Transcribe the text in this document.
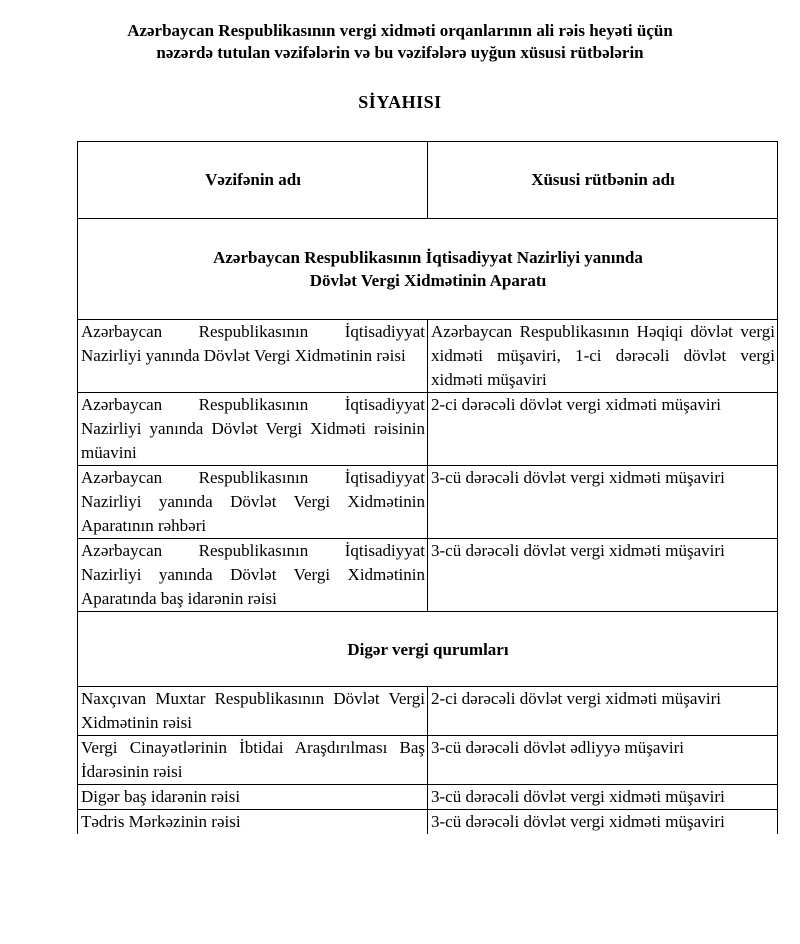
Azərbaycan Respublikasının vergi xidməti orqanlarının ali rəis heyəti üçün
nəzərdə tutulan vəzifələrin və bu vəzifələrə uyğun xüsusi rütbələrin
SİYAHISI
Vəzifənin adı	Xüsusi rütbənin adı

Azərbaycan Respublikasının İqtisadiyyat Nazirliyi yanında
Dövlət Vergi Xidmətinin Aparatı	

Azərbaycan Respublikasının İqtisadiyyat Nazirliyi yanında Dövlət Vergi Xidmətinin rəisi	Azərbaycan Respublikasının Həqiqi dövlət vergi xidməti müşaviri, 1-ci dərəcəli dövlət vergi xidməti müşaviri
Azərbaycan Respublikasının İqtisadiyyat Nazirliyi yanında Dövlət Vergi Xidməti rəisinin müavini	2-ci dərəcəli dövlət vergi xidməti müşaviri
Azərbaycan Respublikasının İqtisadiyyat Nazirliyi yanında Dövlət Vergi Xidmətinin Aparatının rəhbəri	3-cü dərəcəli dövlət vergi xidməti müşaviri
Azərbaycan Respublikasının İqtisadiyyat Nazirliyi yanında Dövlət Vergi Xidmətinin Aparatında baş idarənin rəisi	3-cü dərəcəli dövlət vergi xidməti müşaviri

Digər vergi qurumları	

Naxçıvan Muxtar Respublikasının Dövlət Vergi Xidmətinin rəisi	2-ci dərəcəli dövlət vergi xidməti müşaviri
Vergi Cinayətlərinin İbtidai Araşdırılması Baş İdarəsinin rəisi	3-cü dərəcəli dövlət ədliyyə müşaviri
Digər baş idarənin rəisi	3-cü dərəcəli dövlət vergi xidməti müşaviri
Tədris Mərkəzinin rəisi	3-cü dərəcəli dövlət vergi xidməti müşaviri
